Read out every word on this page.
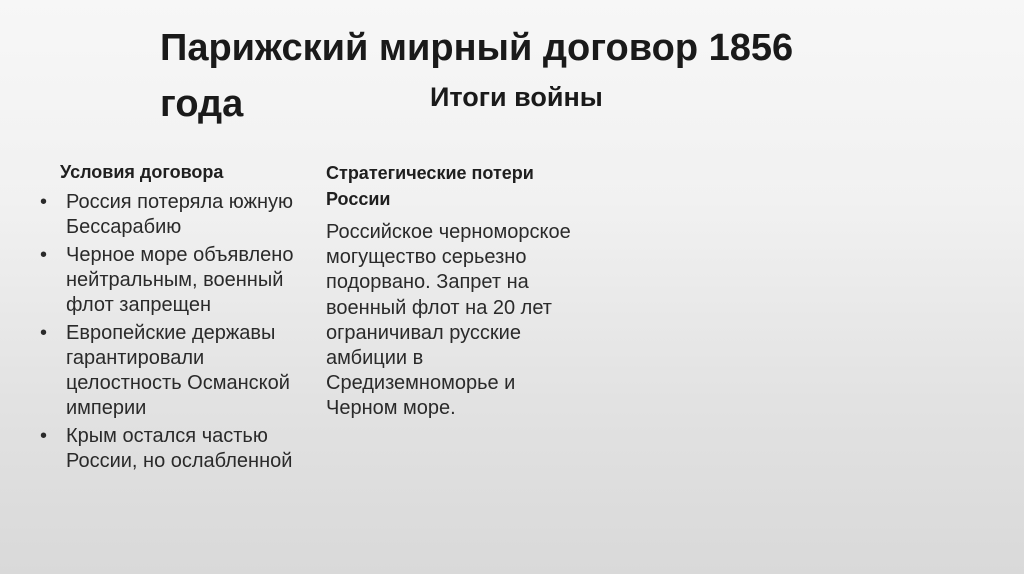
Парижский мирный договор 1856 года	Итоги войны
Условия договора
• Россия потеряла южную Бессарабию
• Черное море объявлено нейтральным, военный флот запрещен
• Европейские державы гарантировали целостность Османской империи
• Крым остался частью России, но ослабленной
Стратегические потери России

Российское черноморское могущество серьезно подорвано. Запрет на военный флот на 20 лет ограничивал русские амбиции в Средиземноморье и Черном море.
